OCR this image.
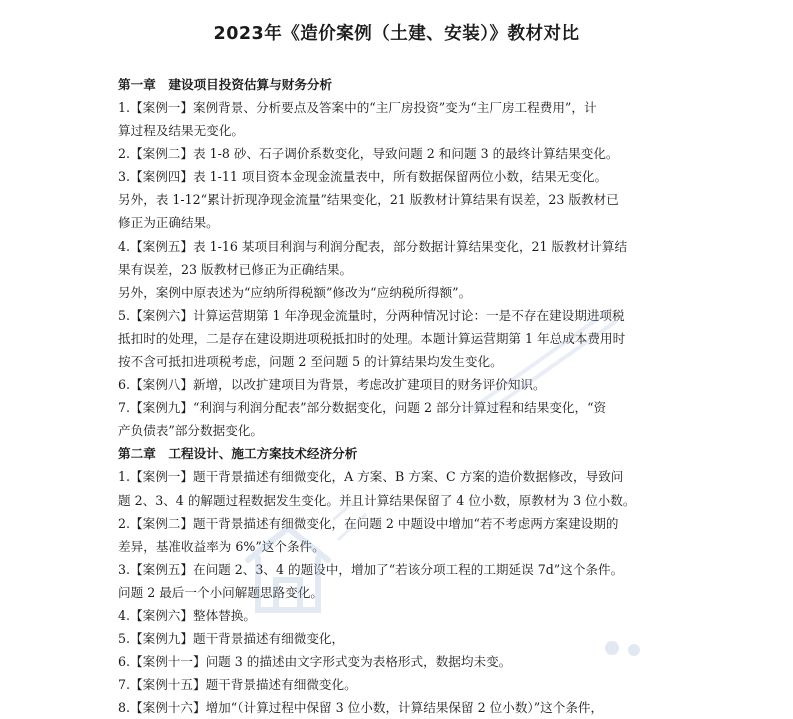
2023年《造价案例（土建、安装）》教材对比
第一章　建设项目投资估算与财务分析
1.【案例一】案例背景、分析要点及答案中的“主厂房投资”变为“主厂房工程费用”，计
算过程及结果无变化。
2.【案例二】表 1-8 砂、石子调价系数变化，导致问题 2 和问题 3 的最终计算结果变化。
3.【案例四】表 1-11 项目资本金现金流量表中，所有数据保留两位小数，结果无变化。
另外，表 1-12“累计折现净现金流量”结果变化，21 版教材计算结果有误差，23 版教材已
修正为正确结果。
4.【案例五】表 1-16 某项目利润与利润分配表，部分数据计算结果变化，21 版教材计算结
果有误差，23 版教材已修正为正确结果。
另外，案例中原表述为“应纳所得税额”修改为“应纳税所得额”。
5.【案例六】计算运营期第 1 年净现金流量时，分两种情况讨论：一是不存在建设期进项税
抵扣时的处理，二是存在建设期进项税抵扣时的处理。本题计算运营期第 1 年总成本费用时
按不含可抵扣进项税考虑，问题 2 至问题 5 的计算结果均发生变化。
6.【案例八】新增，以改扩建项目为背景，考虑改扩建项目的财务评价知识。
7.【案例九】“利润与利润分配表”部分数据变化，问题 2 部分计算过程和结果变化，“资
产负债表”部分数据变化。
第二章　工程设计、施工方案技术经济分析
1.【案例一】题干背景描述有细微变化，A 方案、B 方案、C 方案的造价数据修改，导致问
题 2、3、4 的解题过程数据发生变化。并且计算结果保留了 4 位小数，原教材为 3 位小数。
2.【案例二】题干背景描述有细微变化，在问题 2 中题设中增加“若不考虑两方案建设期的
差异，基准收益率为 6%”这个条件。
3.【案例五】在问题 2、3、4 的题设中，增加了“若该分项工程的工期延误 7d”这个条件。
问题 2 最后一个小问解题思路变化。
4.【案例六】整体替换。
5.【案例九】题干背景描述有细微变化，
6.【案例十一】问题 3 的描述由文字形式变为表格形式，数据均未变。
7.【案例十五】题干背景描述有细微变化。
8.【案例十六】增加“（计算过程中保留 3 位小数，计算结果保留 2 位小数）”这个条件，
